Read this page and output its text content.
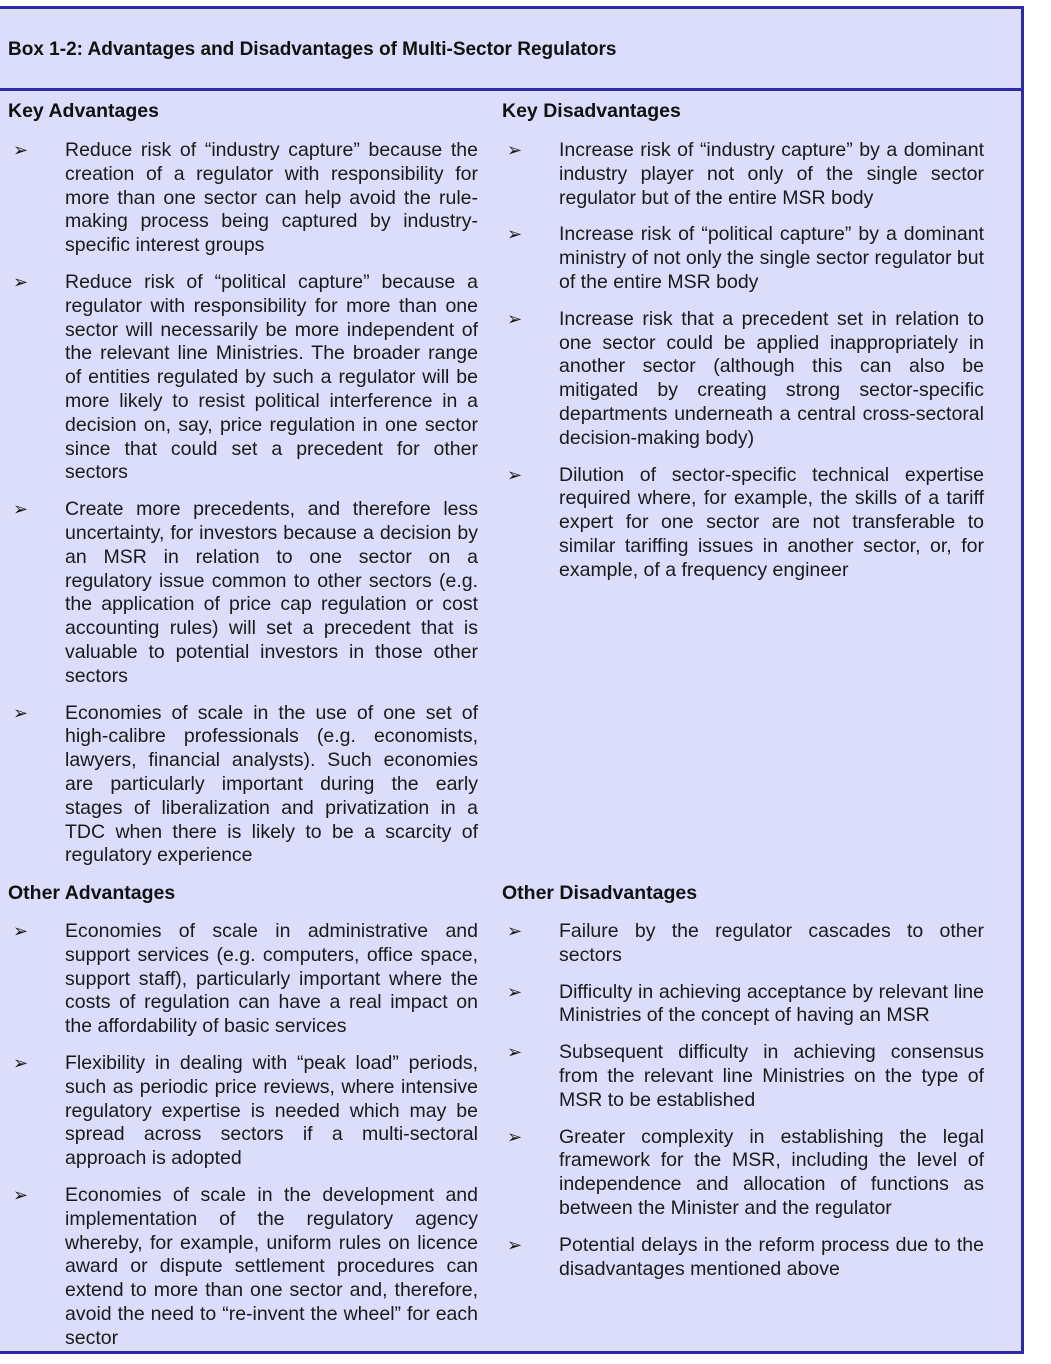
Box 1-2: Advantages and Disadvantages of Multi-Sector Regulators
Key Advantages
➢ Reduce risk of “industry capture” because the creation of a regulator with responsibility for more than one sector can help avoid the rule-making process being captured by industry-specific interest groups
➢ Reduce risk of “political capture” because a regulator with responsibility for more than one sector will necessarily be more independent of the relevant line Ministries. The broader range of entities regulated by such a regulator will be more likely to resist political interference in a decision on, say, price regulation in one sector since that could set a precedent for other sectors
➢ Create more precedents, and therefore less uncertainty, for investors because a decision by an MSR in relation to one sector on a regulatory issue common to other sectors (e.g. the application of price cap regulation or cost accounting rules) will set a precedent that is valuable to potential investors in those other sectors
➢ Economies of scale in the use of one set of high-calibre professionals (e.g. economists, lawyers, financial analysts). Such economies are particularly important during the early stages of liberalization and privatization in a TDC when there is likely to be a scarcity of regulatory experience
Key Disadvantages
➢ Increase risk of “industry capture” by a dominant industry player not only of the single sector regulator but of the entire MSR body
➢ Increase risk of “political capture” by a dominant ministry of not only the single sector regulator but of the entire MSR body
➢ Increase risk that a precedent set in relation to one sector could be applied inappropriately in another sector (although this can also be mitigated by creating strong sector-specific departments underneath a central cross-sectoral decision-making body)
➢ Dilution of sector-specific technical expertise required where, for example, the skills of a tariff expert for one sector are not transferable to similar tariffing issues in another sector, or, for example, of a frequency engineer
Other Advantages
➢ Economies of scale in administrative and support services (e.g. computers, office space, support staff), particularly important where the costs of regulation can have a real impact on the affordability of basic services
➢ Flexibility in dealing with “peak load” periods, such as periodic price reviews, where intensive regulatory expertise is needed which may be spread across sectors if a multi-sectoral approach is adopted
➢ Economies of scale in the development and implementation of the regulatory agency whereby, for example, uniform rules on licence award or dispute settlement procedures can extend to more than one sector and, therefore, avoid the need to “re-invent the wheel” for each sector
Other Disadvantages
➢ Failure by the regulator cascades to other sectors
➢ Difficulty in achieving acceptance by relevant line Ministries of the concept of having an MSR
➢ Subsequent difficulty in achieving consensus from the relevant line Ministries on the type of MSR to be established
➢ Greater complexity in establishing the legal framework for the MSR, including the level of independence and allocation of functions as between the Minister and the regulator
➢ Potential delays in the reform process due to the disadvantages mentioned above
